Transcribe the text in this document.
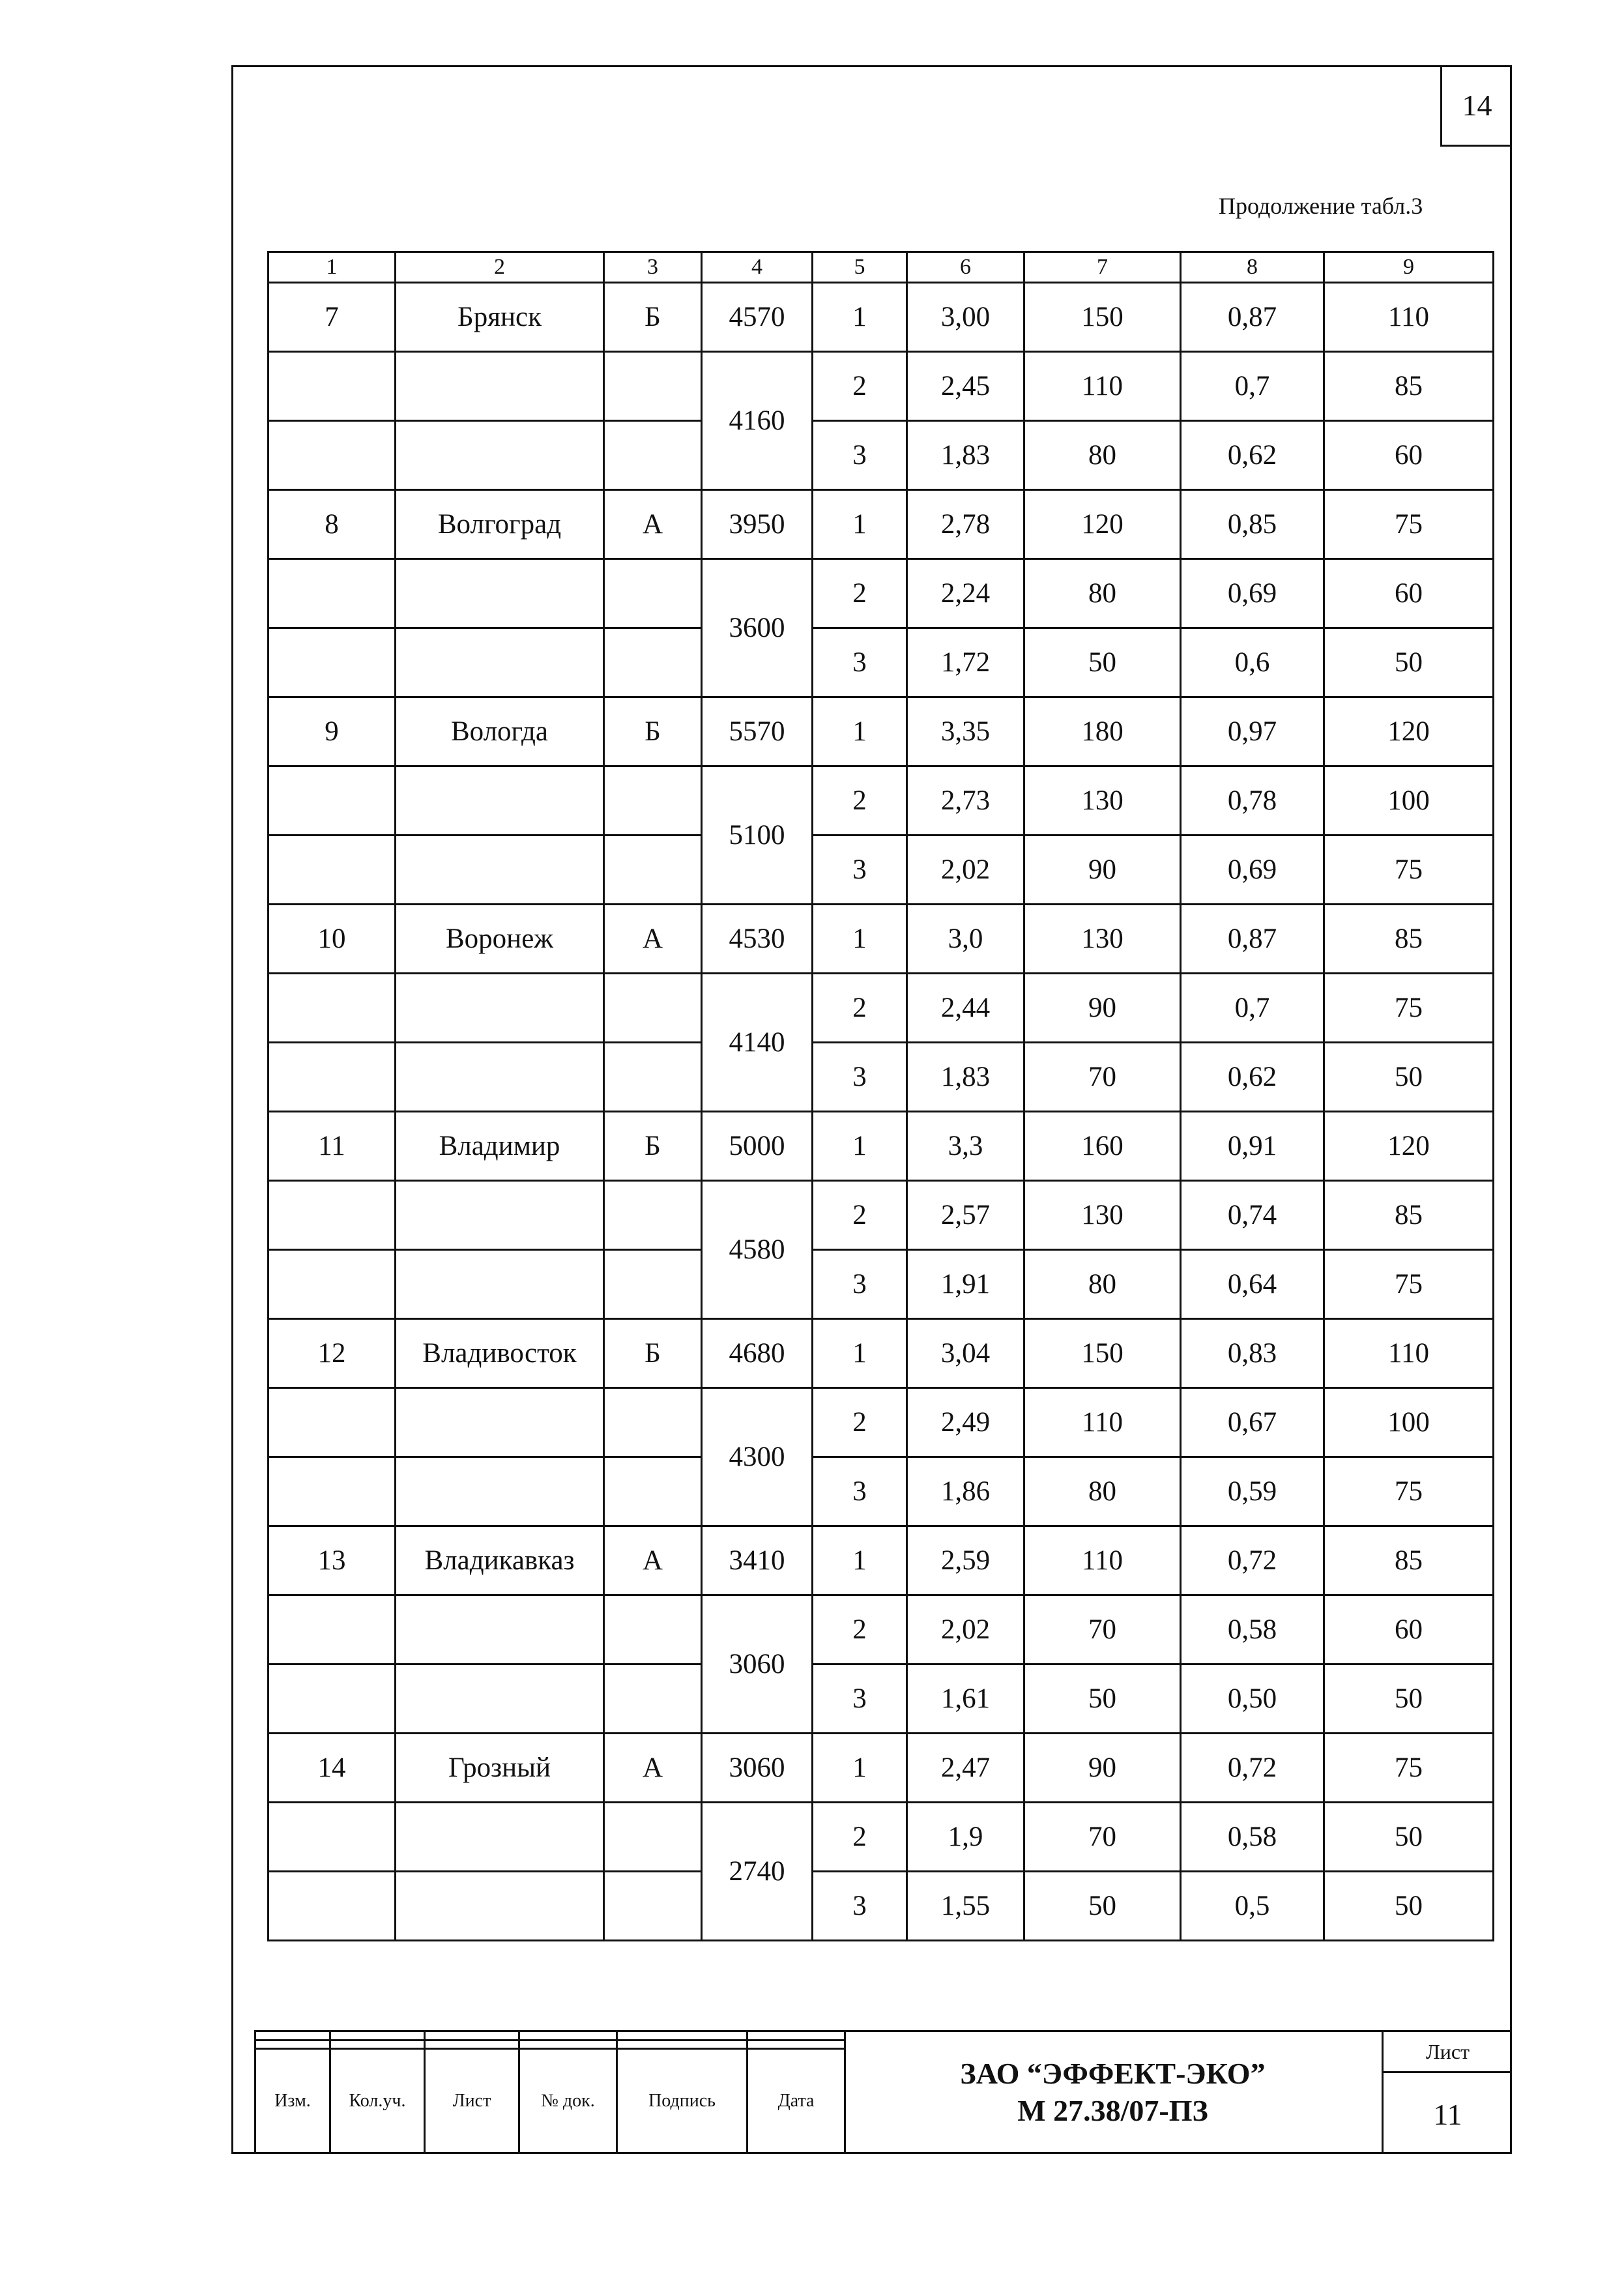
14
Продолжение табл.3
1	2	3	4	5	6	7	8	9
7	Брянск	Б	4570	1	3,00	150	0,87	110
			4160	2	2,45	110	0,7	85
				3	1,83	80	0,62	60
8	Волгоград	А	3950	1	2,78	120	0,85	75
			3600	2	2,24	80	0,69	60
				3	1,72	50	0,6	50
9	Вологда	Б	5570	1	3,35	180	0,97	120
			5100	2	2,73	130	0,78	100
				3	2,02	90	0,69	75
10	Воронеж	А	4530	1	3,0	130	0,87	85
			4140	2	2,44	90	0,7	75
				3	1,83	70	0,62	50
11	Владимир	Б	5000	1	3,3	160	0,91	120
			4580	2	2,57	130	0,74	85
				3	1,91	80	0,64	75
12	Владивосток	Б	4680	1	3,04	150	0,83	110
			4300	2	2,49	110	0,67	100
				3	1,86	80	0,59	75
13	Владикавказ	А	3410	1	2,59	110	0,72	85
			3060	2	2,02	70	0,58	60
				3	1,61	50	0,50	50
14	Грозный	А	3060	1	2,47	90	0,72	75
			2740	2	1,9	70	0,58	50
				3	1,55	50	0,5	50

Изм.	Кол.уч.	Лист	№ док.	Подпись	Дата
ЗАО “ЭФФЕКТ-ЭКО”
М 27.38/07-ПЗ
Лист
11
